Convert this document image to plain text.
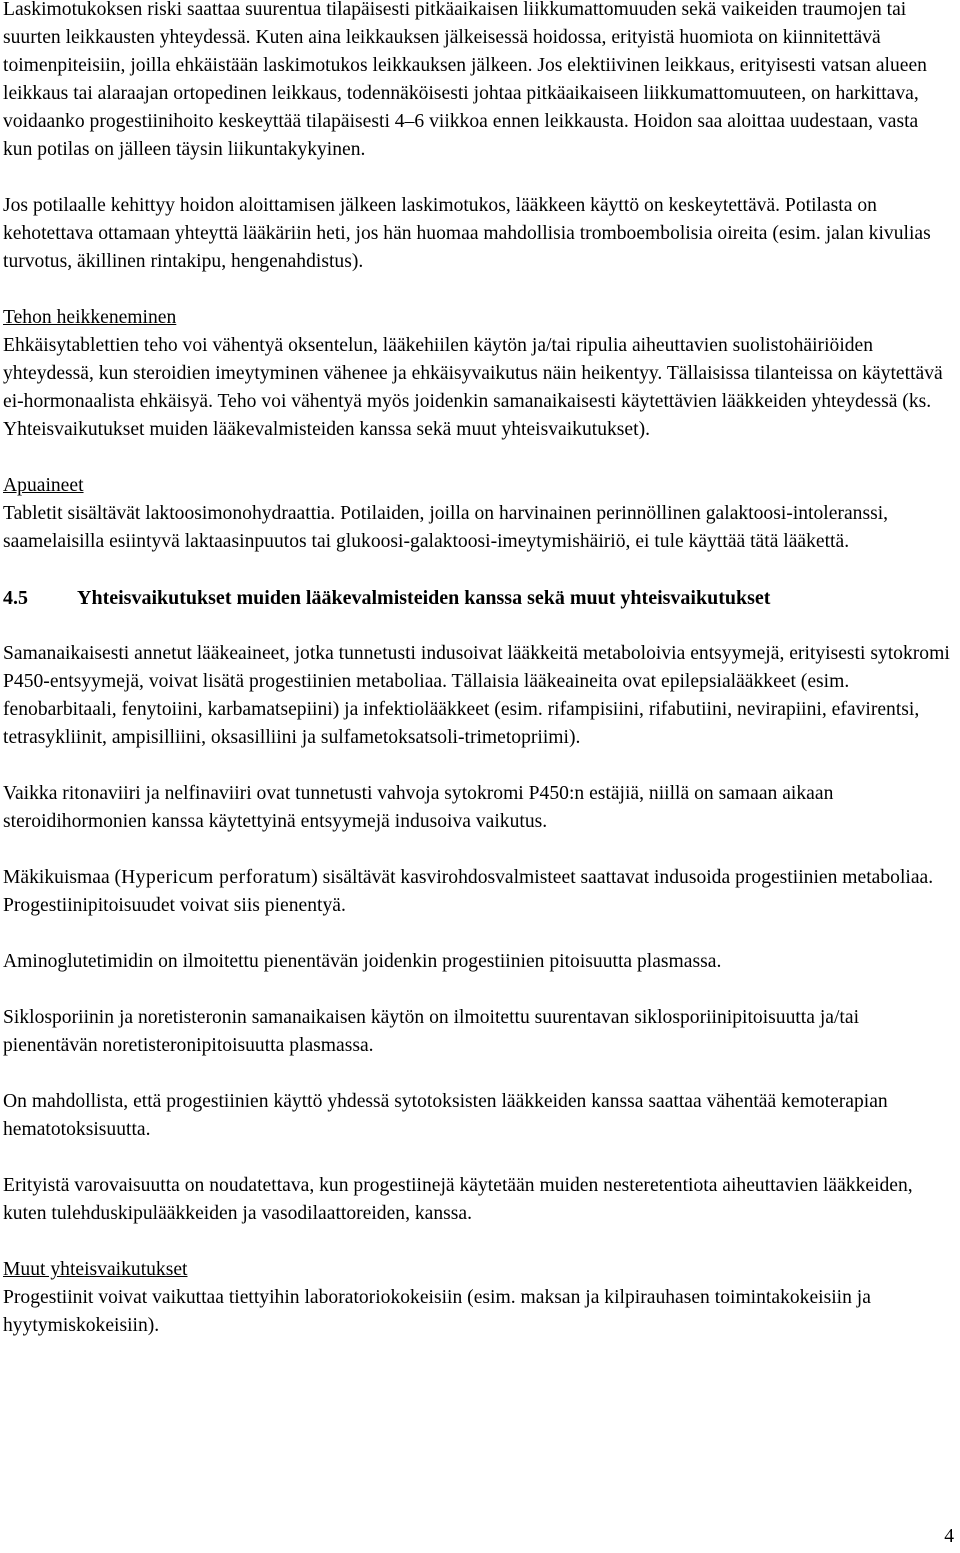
Laskimotukoksen riski saattaa suurentua tilapäisesti pitkäaikaisen liikkumattomuuden sekä vaikeiden traumojen tai suurten leikkausten yhteydessä. Kuten aina leikkauksen jälkeisessä hoidossa, erityistä huomiota on kiinnitettävä toimenpiteisiin, joilla ehkäistään laskimotukos leikkauksen jälkeen. Jos elektiivinen leikkaus, erityisesti vatsan alueen leikkaus tai alaraajan ortopedinen leikkaus, todennäköisesti johtaa pitkäaikaiseen liikkumattomuuteen, on harkittava, voidaanko progestiinihoito keskeyttää tilapäisesti 4–6 viikkoa ennen leikkausta. Hoidon saa aloittaa uudestaan, vasta kun potilas on jälleen täysin liikuntakykyinen.

Jos potilaalle kehittyy hoidon aloittamisen jälkeen laskimotukos, lääkkeen käyttö on keskeytettävä. Potilasta on kehotettava ottamaan yhteyttä lääkäriin heti, jos hän huomaa mahdollisia tromboembolisia oireita (esim. jalan kivulias turvotus, äkillinen rintakipu, hengenahdistus).

Tehon heikkeneminen

Ehkäisytablettien teho voi vähentyä oksentelun, lääkehiilen käytön ja/tai ripulia aiheuttavien suolistohäiriöiden yhteydessä, kun steroidien imeytyminen vähenee ja ehkäisyvaikutus näin heikentyy. Tällaisissa tilanteissa on käytettävä ei-hormonaalista ehkäisyä. Teho voi vähentyä myös joidenkin samanaikaisesti käytettävien lääkkeiden yhteydessä (ks. Yhteisvaikutukset muiden lääkevalmisteiden kanssa sekä muut yhteisvaikutukset).

Apuaineet

Tabletit sisältävät laktoosimonohydraattia. Potilaiden, joilla on harvinainen perinnöllinen galaktoosi-intoleranssi, saamelaisilla esiintyvä laktaasinpuutos tai glukoosi-galaktoosi-imeytymishäiriö, ei tule käyttää tätä lääkettä.

4.5	Yhteisvaikutukset muiden lääkevalmisteiden kanssa sekä muut yhteisvaikutukset

Samanaikaisesti annetut lääkeaineet, jotka tunnetusti indusoivat lääkkeitä metaboloivia entsyymejä, erityisesti sytokromi P450-entsyymejä, voivat lisätä progestiinien metaboliaa. Tällaisia lääkeaineita ovat epilepsialääkkeet (esim. fenobarbitaali, fenytoiini, karbamatsepiini) ja infektiolääkkeet (esim. rifampisiini, rifabutiini, nevirapiini, efavirentsi, tetrasykliinit, ampisilliini, oksasilliini ja sulfametoksatsoli-trimetopriimi).

Vaikka ritonaviiri ja nelfinaviiri ovat tunnetusti vahvoja sytokromi P450:n estäjiä, niillä on samaan aikaan steroidihormonien kanssa käytettyinä entsyymejä indusoiva vaikutus.

Mäkikuismaa (Hypericum perforatum) sisältävät kasvirohdosvalmisteet saattavat indusoida progestiinien metaboliaa. Progestiinipitoisuudet voivat siis pienentyä.

Aminoglutetimidin on ilmoitettu pienentävän joidenkin progestiinien pitoisuutta plasmassa.

Siklosporiinin ja noretisteronin samanaikaisen käytön on ilmoitettu suurentavan siklosporiinipitoisuutta ja/tai pienentävän noretisteronipitoisuutta plasmassa.

On mahdollista, että progestiinien käyttö yhdessä sytotoksisten lääkkeiden kanssa saattaa vähentää kemoterapian hematotoksisuutta.

Erityistä varovaisuutta on noudatettava, kun progestiinejä käytetään muiden nesteretentiota aiheuttavien lääkkeiden, kuten tulehduskipulääkkeiden ja vasodilaattoreiden, kanssa.

Muut yhteisvaikutukset

Progestiinit voivat vaikuttaa tiettyihin laboratoriokokeisiin (esim. maksan ja kilpirauhasen toimintakokeisiin ja hyytymiskokeisiin).

4
